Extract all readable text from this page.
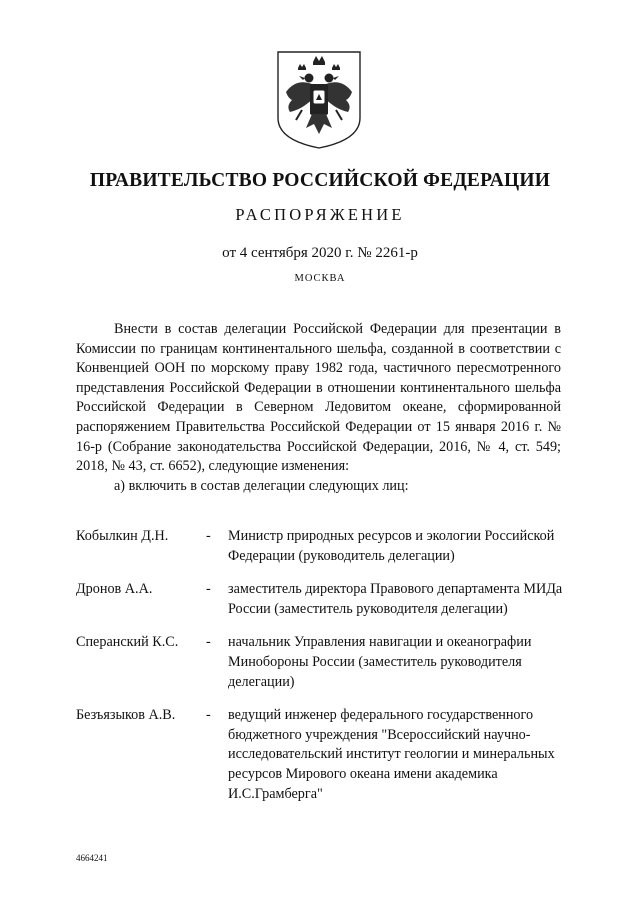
ПРАВИТЕЛЬСТВО РОССИЙСКОЙ ФЕДЕРАЦИИ
РАСПОРЯЖЕНИЕ
от 4 сентября 2020 г. № 2261-р
МОСКВА

Внести в состав делегации Российской Федерации для презентации в Комиссии по границам континентального шельфа, созданной в соответствии с Конвенцией ООН по морскому праву 1982 года, частичного пересмотренного представления Российской Федерации в отношении континентального шельфа Российской Федерации в Северном Ледовитом океане, сформированной распоряжением Правительства Российской Федерации от 15 января 2016 г. № 16-р (Собрание законодательства Российской Федерации, 2016, № 4, ст. 549; 2018, № 43, ст. 6652), следующие изменения:

а) включить в состав делегации следующих лиц:

Кобылкин Д.Н.	-	Министр природных ресурсов и экологии Российской Федерации (руководитель делегации)
Дронов А.А.	-	заместитель директора Правового департамента МИДа России (заместитель руководителя делегации)
Сперанский К.С.	-	начальник Управления навигации и океанографии Минобороны России (заместитель руководителя делегации)
Безъязыков А.В.	-	ведущий инженер федерального государственного бюджетного учреждения "Всероссийский научно-исследовательский институт геологии и минеральных ресурсов Мирового океана имени академика И.С.Грамберга"
4664241
